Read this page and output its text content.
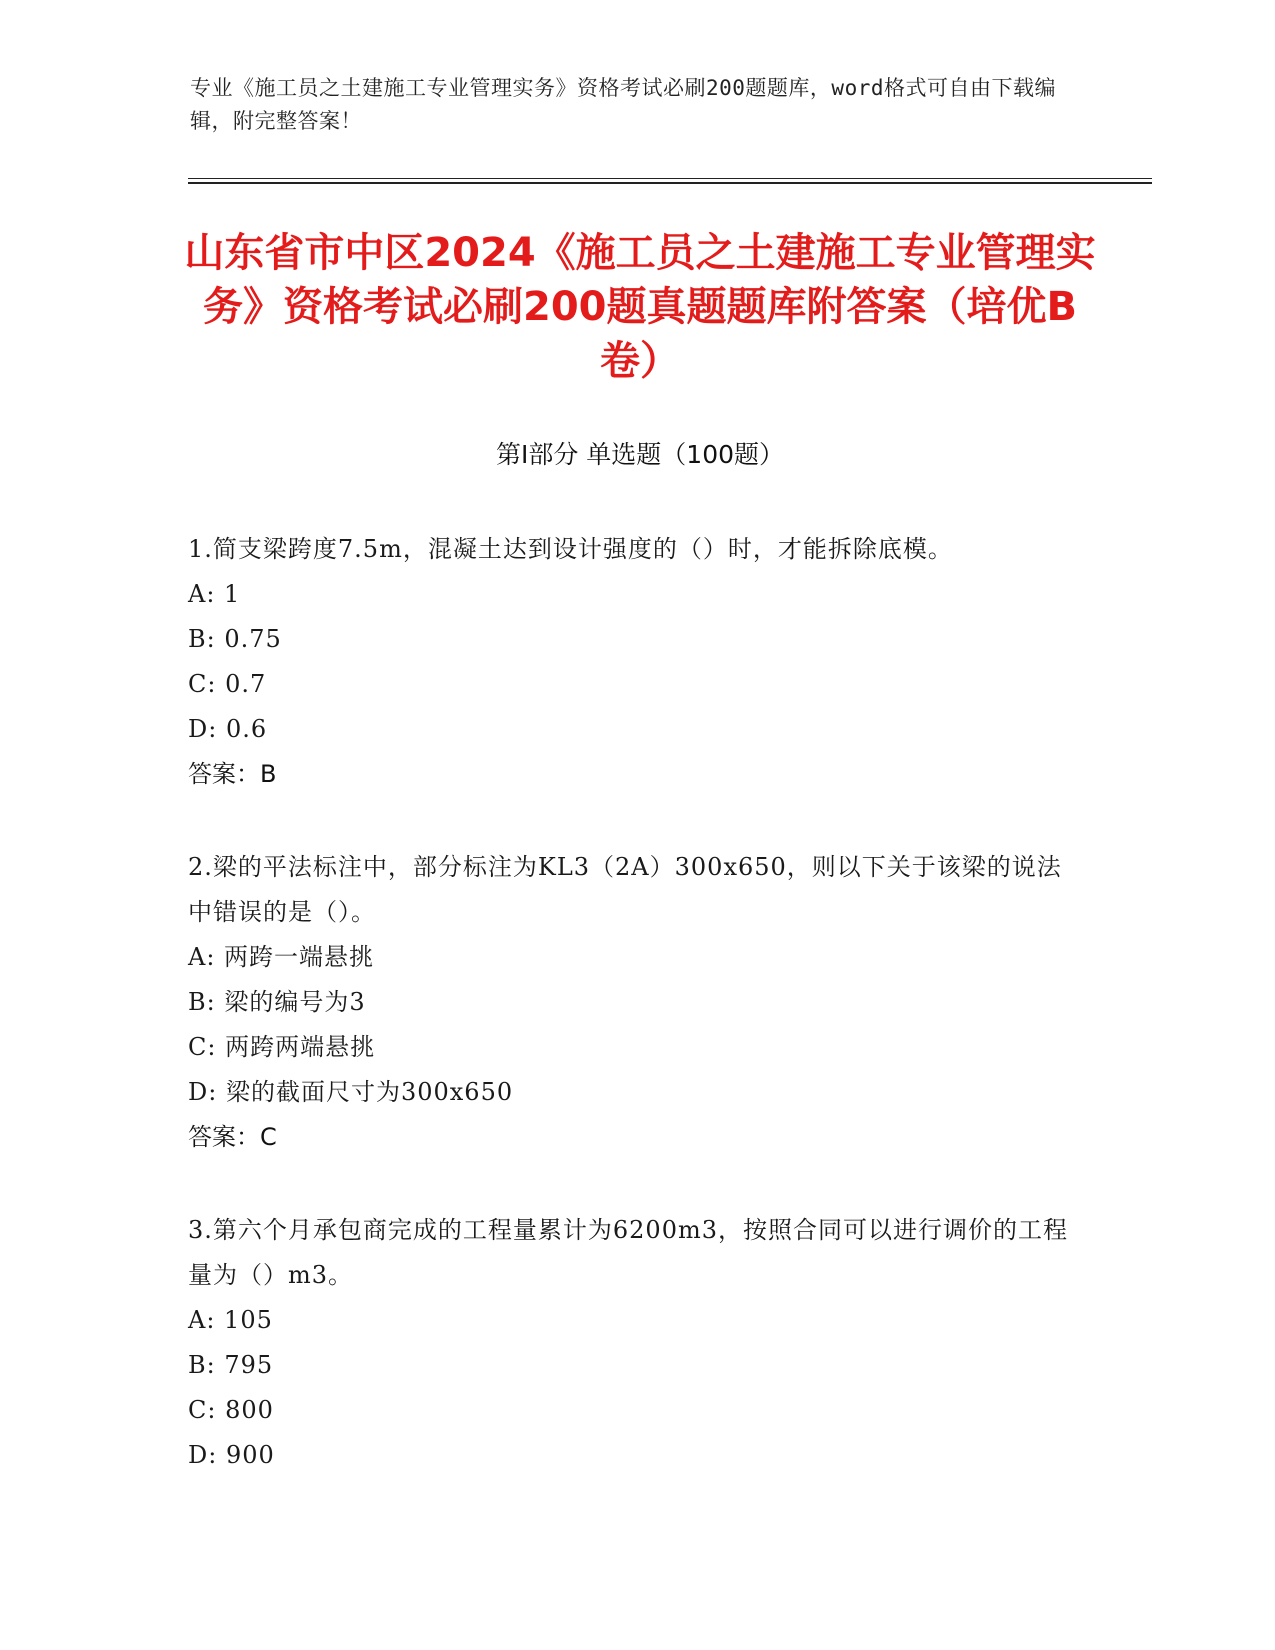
专业《施工员之土建施工专业管理实务》资格考试必刷200题题库，word格式可自由下载编辑，附完整答案！
山东省市中区2024《施工员之土建施工专业管理实务》资格考试必刷200题真题题库附答案（培优B卷）
第I部分 单选题（100题）
1.简支梁跨度7.5m，混凝土达到设计强度的（）时，才能拆除底模。
A: 1
B: 0.75
C: 0.7
D: 0.6
答案：B
2.梁的平法标注中，部分标注为KL3（2A）300x650，则以下关于该梁的说法中错误的是（）。
A: 两跨一端悬挑
B: 梁的编号为3
C: 两跨两端悬挑
D: 梁的截面尺寸为300x650
答案：C
3.第六个月承包商完成的工程量累计为6200m3，按照合同可以进行调价的工程量为（）m3。
A: 105
B: 795
C: 800
D: 900
